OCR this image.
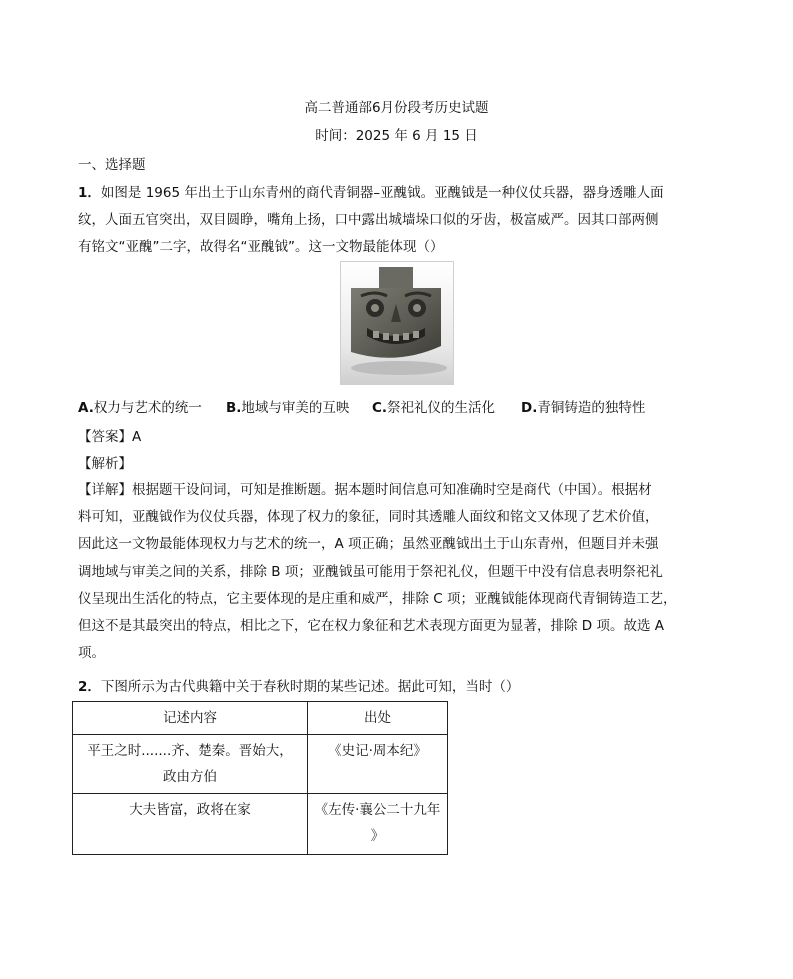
高二普通部6月份段考历史试题
时间：2025 年 6 月 15 日
一、选择题
1．如图是 1965 年出土于山东青州的商代青铜器–亚醜钺。亚醜钺是一种仪仗兵器，器身透雕人面
纹，人面五官突出，双目圆睁，嘴角上扬，口中露出城墙垛口似的牙齿，极富威严。因其口部两侧
有铭文“亚醜”二字，故得名“亚醜钺”。这一文物最能体现（）
A.权力与艺术的统一 B.地域与审美的互映 C.祭祀礼仪的生活化 D.青铜铸造的独特性
【答案】A
【解析】
【详解】根据题干设问词，可知是推断题。据本题时间信息可知准确时空是商代（中国）。根据材
料可知，亚醜钺作为仪仗兵器，体现了权力的象征，同时其透雕人面纹和铭文又体现了艺术价值，
因此这一文物最能体现权力与艺术的统一，A 项正确；虽然亚醜钺出土于山东青州，但题目并未强
调地域与审美之间的关系，排除 B 项；亚醜钺虽可能用于祭祀礼仪，但题干中没有信息表明祭祀礼
仪呈现出生活化的特点，它主要体现的是庄重和威严，排除 C 项；亚醜钺能体现商代青铜铸造工艺，
但这不是其最突出的特点，相比之下，它在权力象征和艺术表现方面更为显著，排除 D 项。故选 A
项。
2．下图所示为古代典籍中关于春秋时期的某些记述。据此可知，当时（）
记述内容	出处

平王之时.......齐、楚秦。晋始大，
政由方伯	《史记·周本纪》
大夫皆富，政将在家	《左传·襄公二十九年
》
